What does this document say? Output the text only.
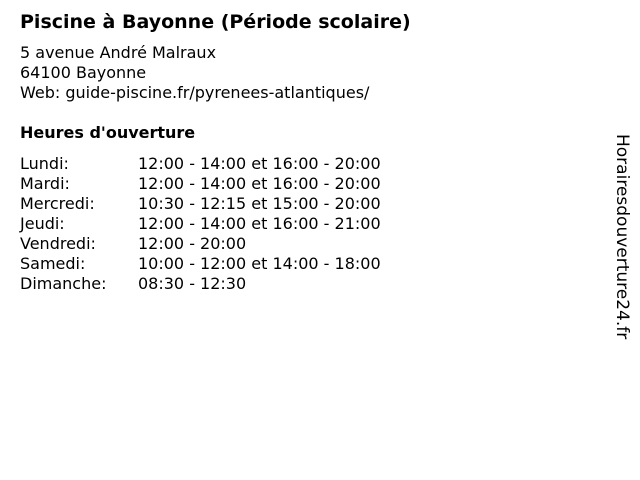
Piscine à Bayonne (Période scolaire)
5 avenue André Malraux
64100 Bayonne
Web: guide-piscine.fr/pyrenees-atlantiques/
Heures d'ouverture
Lundi:	12:00 - 14:00 et 16:00 - 20:00
Mardi:	12:00 - 14:00 et 16:00 - 20:00
Mercredi:	10:30 - 12:15 et 15:00 - 20:00
Jeudi:	12:00 - 14:00 et 16:00 - 21:00
Vendredi:	12:00 - 20:00
Samedi:	10:00 - 12:00 et 14:00 - 18:00
Dimanche:	08:30 - 12:30	Horairesdouverture24.fr
